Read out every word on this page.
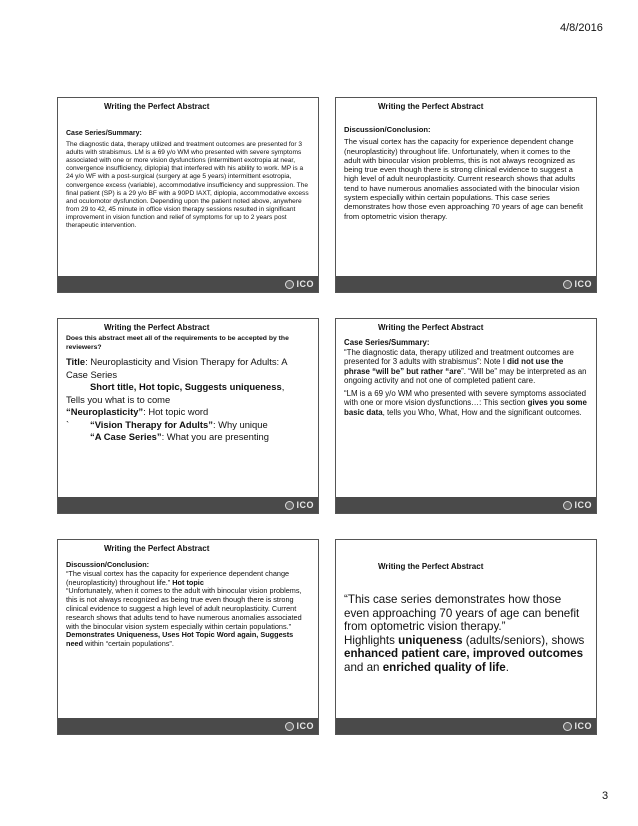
4/8/2016
Writing the Perfect Abstract

Case Series/Summary:

The diagnostic data, therapy utilized and treatment outcomes are presented for 3 adults with strabismus. LM is a 69 y/o WM who presented with severe symptoms associated with one or more vision dysfunctions (intermittent exotropia at near, convergence insufficiency, diplopia) that interfered with his ability to work. MP is a 24 y/o WF with a post-surgical (surgery at age 5 years) intermittent esotropia, convergence excess (variable), accommodative insufficiency and suppression. The final patient (SP) is a 29 y/o BF with a 90PD IAXT, diplopia, accommodative excess and oculomotor dysfunction. Depending upon the patient noted above, anywhere from 29 to 42, 45 minute in office vision therapy sessions resulted in significant improvement in vision function and relief of symptoms for up to 2 years post therapeutic intervention.

ICO
Writing the Perfect Abstract

Discussion/Conclusion:

The visual cortex has the capacity for experience dependent change (neuroplasticity) throughout life. Unfortunately, when it comes to the adult with binocular vision problems, this is not always recognized as being true even though there is strong clinical evidence to suggest a high level of adult neuroplasticity. Current research shows that adults tend to have numerous anomalies associated with the binocular vision system especially within certain populations. This case series demonstrates how those even approaching 70 years of age can benefit from optometric vision therapy.

ICO
Writing the Perfect Abstract

Does this abstract meet all of the requirements to be accepted by the reviewers?

Title: Neuroplasticity and Vision Therapy for Adults: A Case Series

Short title, Hot topic, Suggests uniqueness,

Tells you what is to come

“Neuroplasticity”: Hot topic word

` “Vision Therapy for Adults”: Why unique

“A Case Series”: What you are presenting

ICO
Writing the Perfect Abstract

Case Series/Summary:

“The diagnostic data, therapy utilized and treatment outcomes are presented for 3 adults with strabismus”: Note I did not use the phrase “will be” but rather “are”. “Will be” may be interpreted as an ongoing activity and not one of completed patient care.

“LM is a 69 y/o WM who presented with severe symptoms associated with one or more vision dysfunctions…: This section gives you some basic data, tells you Who, What, How and the significant outcomes.

ICO
Writing the Perfect Abstract

Discussion/Conclusion:

“The visual cortex has the capacity for experience dependent change (neuroplasticity) throughout life.” Hot topic

“Unfortunately, when it comes to the adult with binocular vision problems, this is not always recognized as being true even though there is strong clinical evidence to suggest a high level of adult neuroplasticity. Current research shows that adults tend to have numerous anomalies associated with the binocular vision system especially within certain populations.” Demonstrates Uniqueness, Uses Hot Topic Word again, Suggests need within “certain populations”.

ICO
Writing the Perfect Abstract

“This case series demonstrates how those even approaching 70 years of age can benefit from optometric vision therapy.”

Highlights uniqueness (adults/seniors), shows enhanced patient care, improved outcomes and an enriched quality of life.

ICO
3
